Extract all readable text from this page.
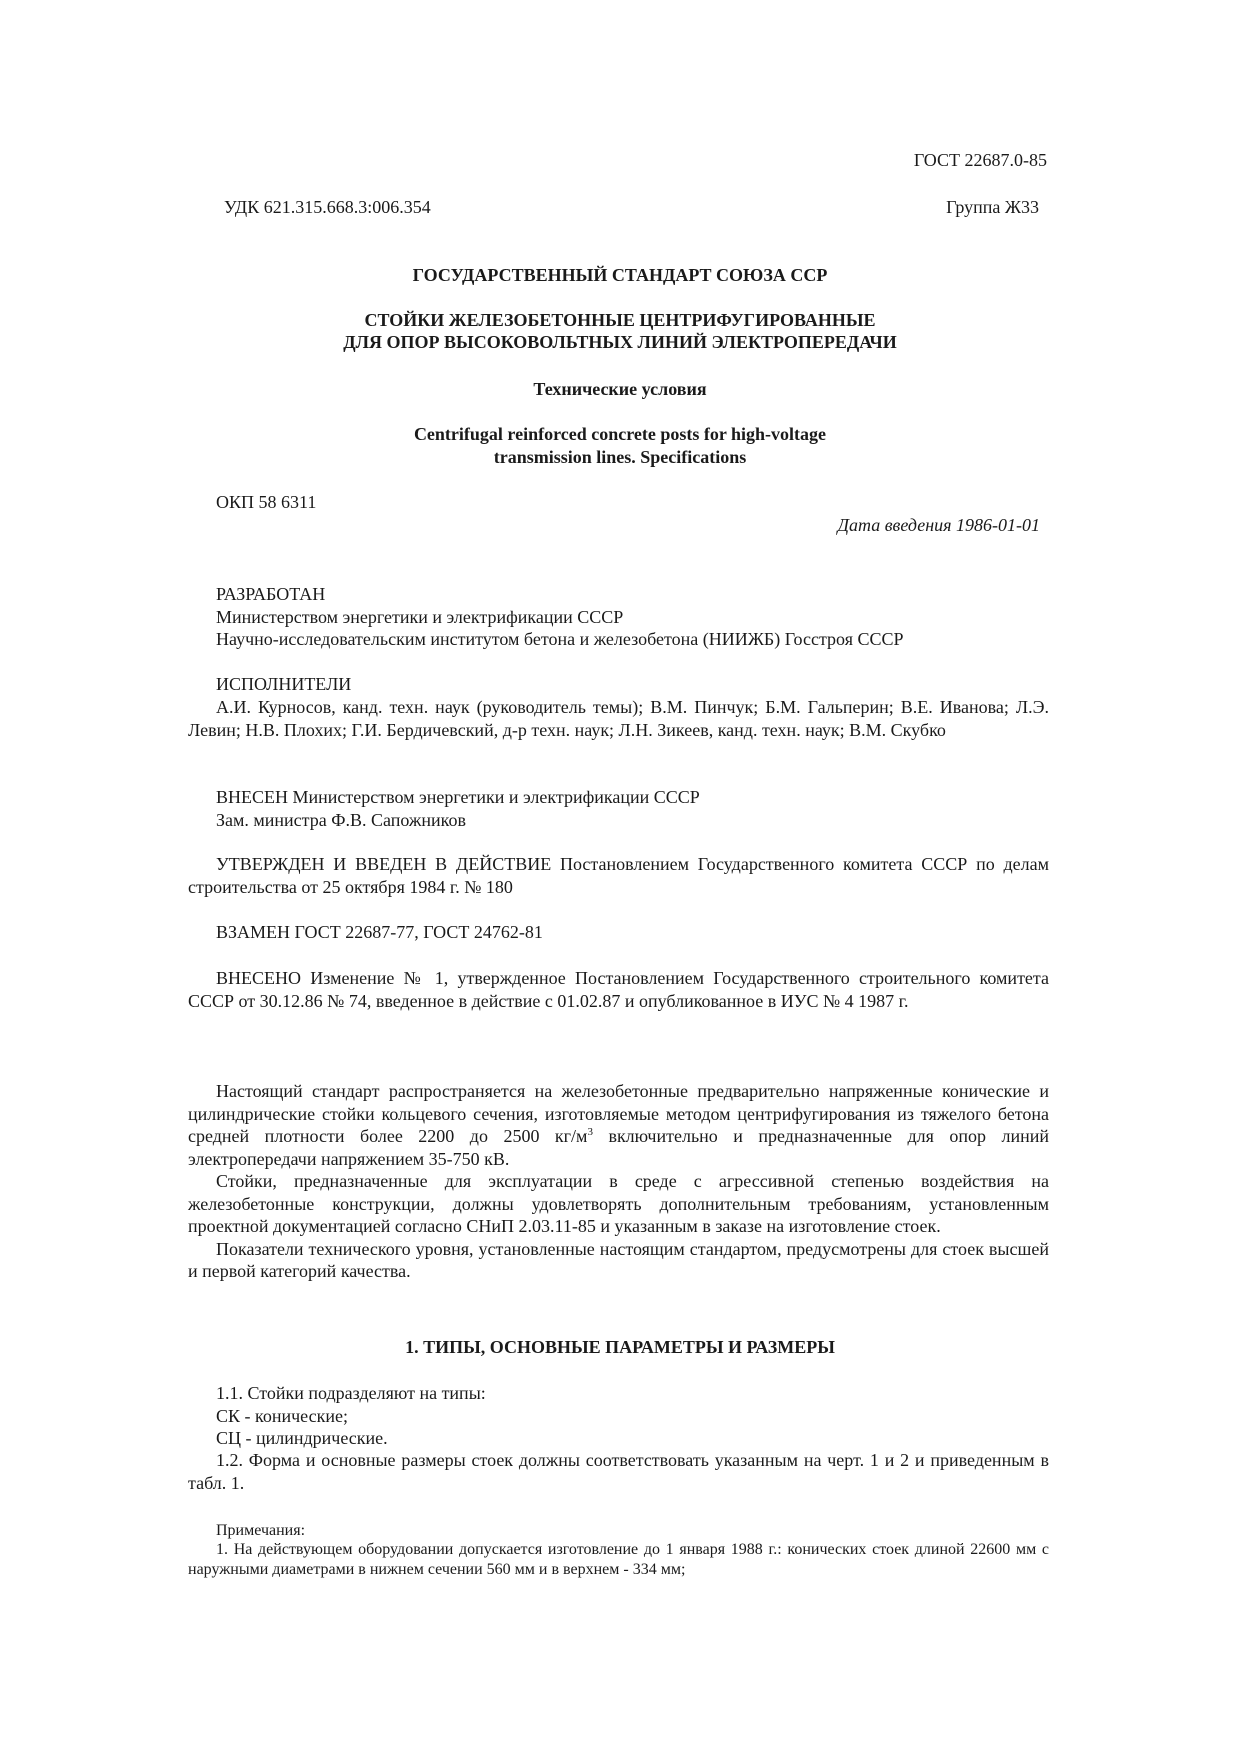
ГОСТ 22687.0-85
УДК 621.315.668.3:006.354	Группа Ж33
ГОСУДАРСТВЕННЫЙ СТАНДАРТ СОЮЗА ССР
СТОЙКИ ЖЕЛЕЗОБЕТОННЫЕ ЦЕНТРИФУГИРОВАННЫЕ
ДЛЯ ОПОР ВЫСОКОВОЛЬТНЫХ ЛИНИЙ ЭЛЕКТРОПЕРЕДАЧИ
Технические условия
Centrifugal reinforced concrete posts for high-voltage
transmission lines. Specifications
ОКП 58 6311
Дата введения 1986-01-01
РАЗРАБОТАН
Министерством энергетики и электрификации СССР
Научно-исследовательским институтом бетона и железобетона (НИИЖБ) Госстроя СССР
ИСПОЛНИТЕЛИ

А.И. Курносов, канд. техн. наук (руководитель темы); В.М. Пинчук; Б.М. Гальперин; В.Е. Иванова; Л.Э. Левин; Н.В. Плохих; Г.И. Бердичевский, д-р техн. наук; Л.Н. Зикеев, канд. техн. наук; В.М. Скубко

ВНЕСЕН Министерством энергетики и электрификации СССР
Зам. министра Ф.В. Сапожников

УТВЕРЖДЕН И ВВЕДЕН В ДЕЙСТВИЕ Постановлением Государственного комитета СССР по делам строительства от 25 октября 1984 г. № 180

ВЗАМЕН ГОСТ 22687-77, ГОСТ 24762-81

ВНЕСЕНО Изменение № 1, утвержденное Постановлением Государственного строительного комитета СССР от 30.12.86 № 74, введенное в действие с 01.02.87 и опубликованное в ИУС № 4 1987 г.

Настоящий стандарт распространяется на железобетонные предварительно напряженные конические и цилиндрические стойки кольцевого сечения, изготовляемые методом центрифугирования из тяжелого бетона средней плотности более 2200 до 2500 $кг/м^3$ включительно и предназначенные для опор линий электропередачи напряжением 35-750 кВ.

Стойки, предназначенные для эксплуатации в среде с агрессивной степенью воздействия на железобетонные конструкции, должны удовлетворять дополнительным требованиям, установленным проектной документацией согласно СНиП 2.03.11-85 и указанным в заказе на изготовление стоек.

Показатели технического уровня, установленные настоящим стандартом, предусмотрены для стоек высшей и первой категорий качества.

1. ТИПЫ, ОСНОВНЫЕ ПАРАМЕТРЫ И РАЗМЕРЫ
1.1. Стойки подразделяют на типы:
СК - конические;
СЦ - цилиндрические.

1.2. Форма и основные размеры стоек должны соответствовать указанным на черт. 1 и 2 и приведенным в табл. 1.

Примечания:

1. На действующем оборудовании допускается изготовление до 1 января 1988 г.: конических стоек длиной 22600 мм с наружными диаметрами в нижнем сечении 560 мм и в верхнем - 334 мм;
